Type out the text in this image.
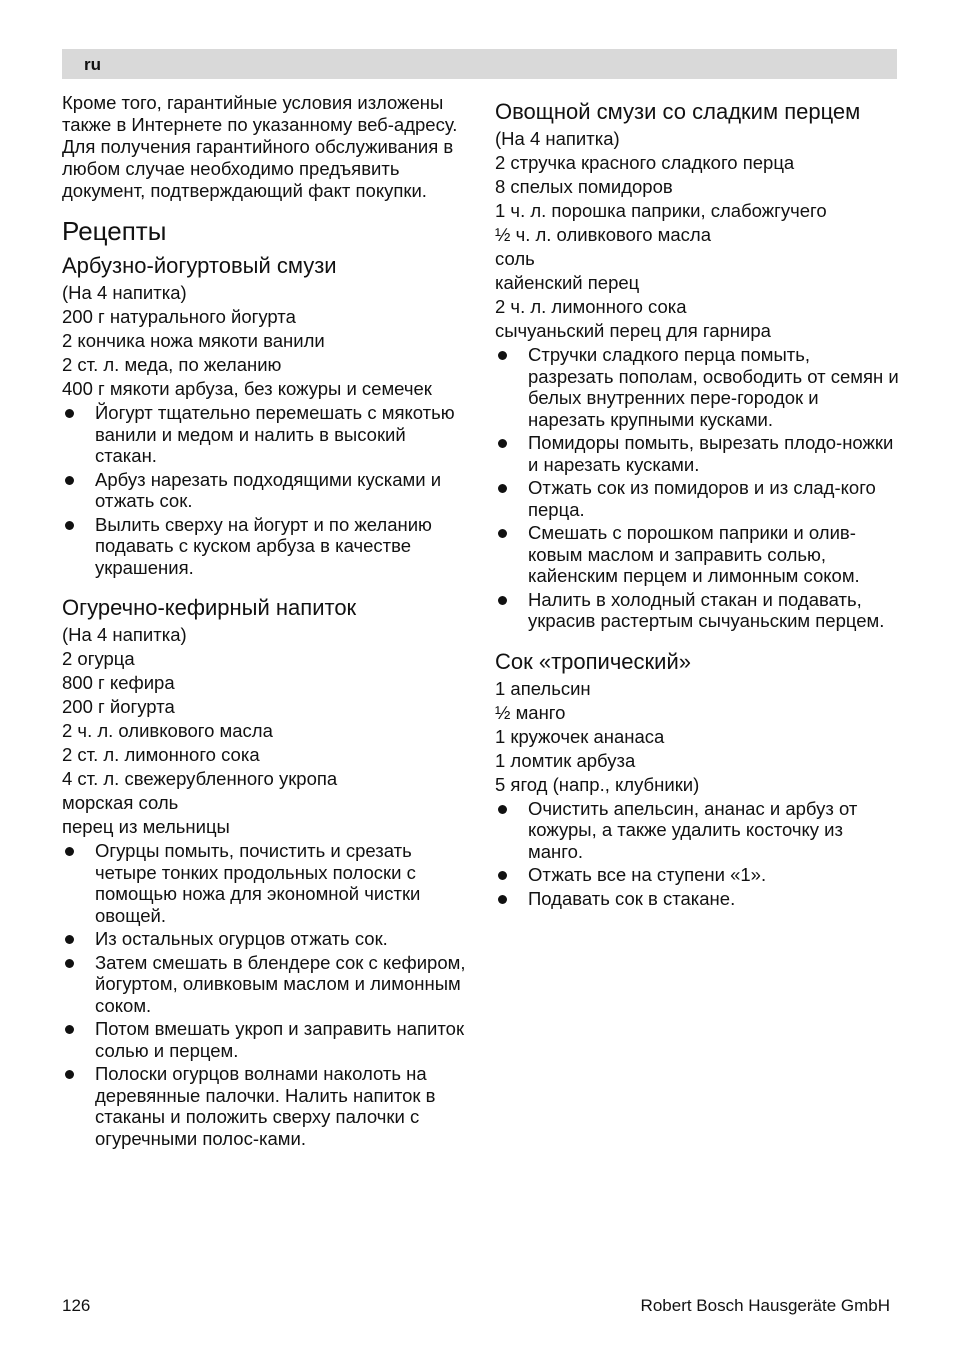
ru

Кроме того, гарантийные условия изложены также в Интернете по указанному веб-адресу. Для получения гарантийного обслуживания в любом случае необходимо предъявить документ, подтверждающий факт покупки.

Рецепты
Арбузно-йогуртовый смузи

(На 4 напитка)

200 г натурального йогурта

2 кончика ножа мякоти ванили

2 ст. л. меда, по желанию

400 г мякоти арбуза, без кожуры и семечек

Йогурт тщательно перемешать с мякотью ванили и медом и налить в высокий стакан.
Арбуз нарезать подходящими кусками и отжать сок.
Вылить сверху на йогурт и по желанию подавать с куском арбуза в качестве украшения.
Огуречно-кефирный напиток

(На 4 напитка)

2 огурца

800 г кефира

200 г йогурта

2 ч. л. оливкового масла

2 ст. л. лимонного сока

4 ст. л. свежерубленного укропа

морская соль

перец из мельницы

Огурцы помыть, почистить и срезать четыре тонких продольных полоски с помощью ножа для экономной чистки овощей.
Из остальных огурцов отжать сок.
Затем смешать в блендере сок с кефиром, йогуртом, оливковым маслом и лимонным соком.
Потом вмешать укроп и заправить напиток солью и перцем.
Полоски огурцов волнами наколоть на деревянные палочки. Налить напиток в стаканы и положить сверху палочки с огуречными полос-ками.
Овощной смузи со сладким перцем

(На 4 напитка)

2 стручка красного сладкого перца

8 спелых помидоров

1 ч. л. порошка паприки, слабожгучего

½ ч. л. оливкового масла

соль

кайенский перец

2 ч. л. лимонного сока

сычуаньский перец для гарнира

Стручки сладкого перца помыть, разрезать пополам, освободить от семян и белых внутренних пере-городок и нарезать крупными кусками.
Помидоры помыть, вырезать плодо-ножки и нарезать кусками.
Отжать сок из помидоров и из слад-кого перца.
Смешать с порошком паприки и олив-ковым маслом и заправить солью, кайенским перцем и лимонным соком.
Налить в холодный стакан и подавать, украсив растертым сычуаньским перцем.
Сок «тропический»

1 апельсин

½ манго

1 кружочек ананаса

1 ломтик арбуза

5 ягод (напр., клубники)

Очистить апельсин, ананас и арбуз от кожуры, а также удалить косточку из манго.
Отжать все на ступени «1».
Подавать сок в стакане.
126	Robert Bosch Hausgeräte GmbH
